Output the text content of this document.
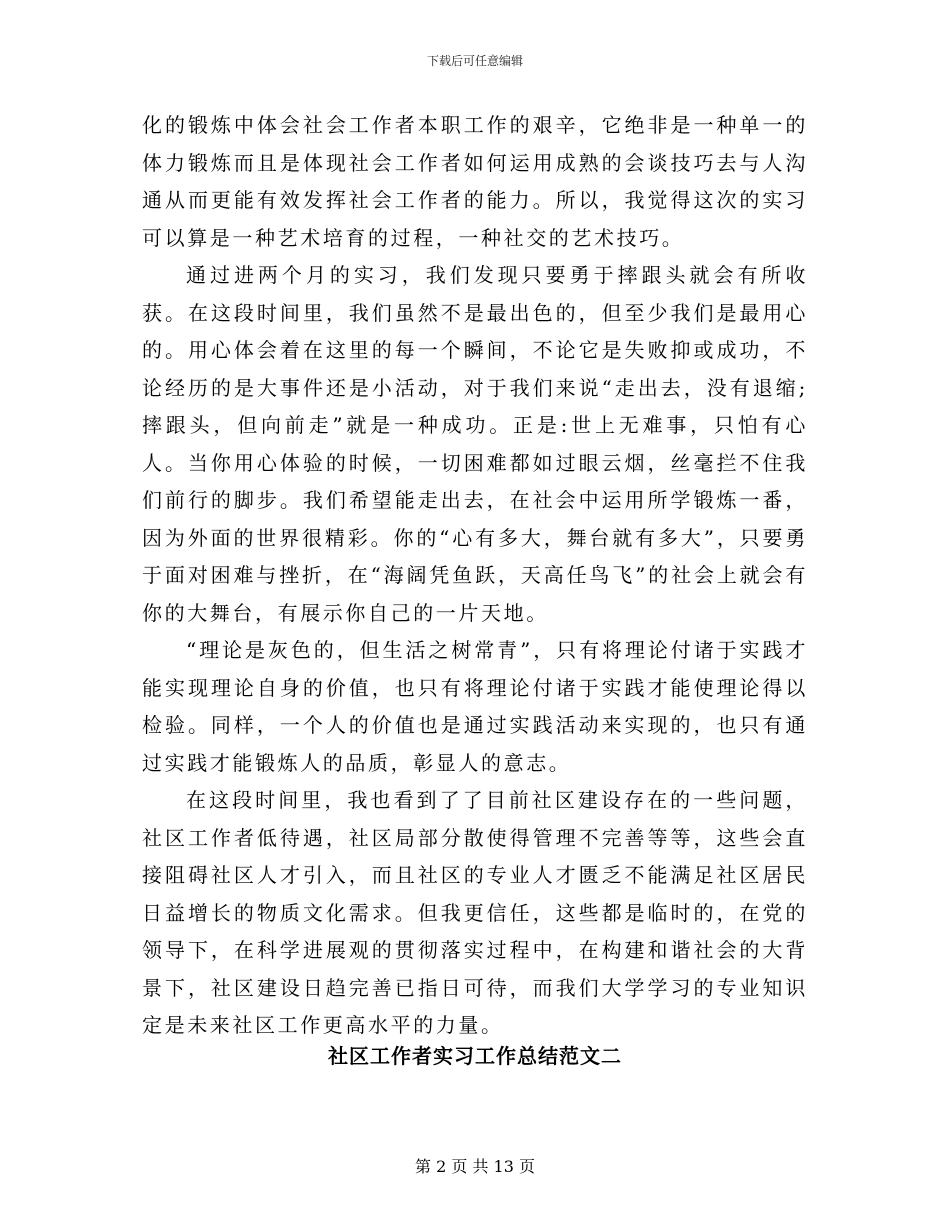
下载后可任意编辑

化的锻炼中体会社会工作者本职工作的艰辛，它绝非是一种单一的体力锻炼而且是体现社会工作者如何运用成熟的会谈技巧去与人沟通从而更能有效发挥社会工作者的能力。所以，我觉得这次的实习可以算是一种艺术培育的过程，一种社交的艺术技巧。

通过进两个月的实习，我们发现只要勇于摔跟头就会有所收获。在这段时间里，我们虽然不是最出色的，但至少我们是最用心的。用心体会着在这里的每一个瞬间，不论它是失败抑或成功，不论经历的是大事件还是小活动，对于我们来说“走出去，没有退缩;摔跟头，但向前走”就是一种成功。正是:世上无难事，只怕有心人。当你用心体验的时候，一切困难都如过眼云烟，丝毫拦不住我们前行的脚步。我们希望能走出去，在社会中运用所学锻炼一番，因为外面的世界很精彩。你的“心有多大，舞台就有多大”，只要勇于面对困难与挫折，在“海阔凭鱼跃，天高任鸟飞”的社会上就会有你的大舞台，有展示你自己的一片天地。

“理论是灰色的，但生活之树常青”，只有将理论付诸于实践才能实现理论自身的价值，也只有将理论付诸于实践才能使理论得以检验。同样，一个人的价值也是通过实践活动来实现的，也只有通过实践才能锻炼人的品质，彰显人的意志。

在这段时间里，我也看到了了目前社区建设存在的一些问题，社区工作者低待遇，社区局部分散使得管理不完善等等，这些会直接阻碍社区人才引入，而且社区的专业人才匮乏不能满足社区居民日益增长的物质文化需求。但我更信任，这些都是临时的，在党的领导下，在科学进展观的贯彻落实过程中，在构建和谐社会的大背景下，社区建设日趋完善已指日可待，而我们大学学习的专业知识定是未来社区工作更高水平的力量。

社区工作者实习工作总结范文二
第 2 页 共 13 页
